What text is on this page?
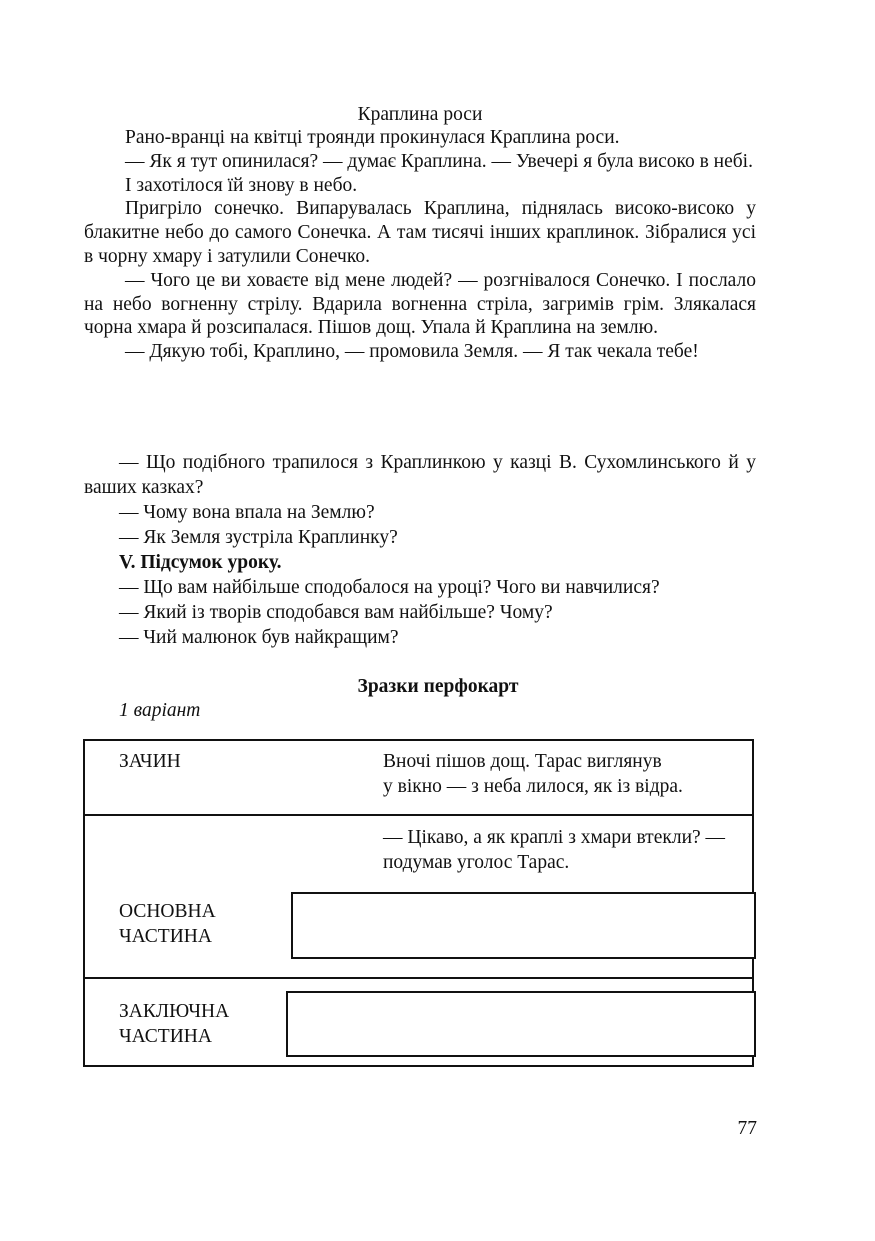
Краплина роси

Рано-вранці на квітці троянди прокинулася Краплина роси.

— Як я тут опинилася? — думає Краплина. — Увечері я була високо в небі.

І захотілося їй знову в небо.

Пригріло сонечко. Випарувалась Краплина, піднялась високо-високо у блакитне небо до самого Сонечка. А там тисячі інших краплинок. Зібралися усі в чорну хмару і затулили Сонечко.

— Чого це ви ховаєте від мене людей? — розгнівалося Сонечко. І послало на небо вогненну стрілу. Вдарила вогненна стріла, загримів грім. Злякалася чорна хмара й розсипалася. Пішов дощ. Упала й Краплина на землю.

— Дякую тобі, Краплино, — промовила Земля. — Я так чекала тебе!

— Що подібного трапилося з Краплинкою у казці В. Сухомлинського й у ваших казках?

— Чому вона впала на Землю?

— Як Земля зустріла Краплинку?

V. Підсумок уроку.

— Що вам найбільше сподобалося на уроці? Чого ви навчилися?

— Який із творів сподобався вам найбільше? Чому?

— Чий малюнок був найкращим?

Зразки перфокарт
1 варіант
ЗАЧИН	Вночі пішов дощ. Тарас виглянув
у вікно — з неба лилося, як із відра.
— Цікаво, а як краплі з хмари втекли? —
подумав уголос Тарас.
ОСНОВНА
ЧАСТИНА
ЗАКЛЮЧНА
ЧАСТИНА
77
